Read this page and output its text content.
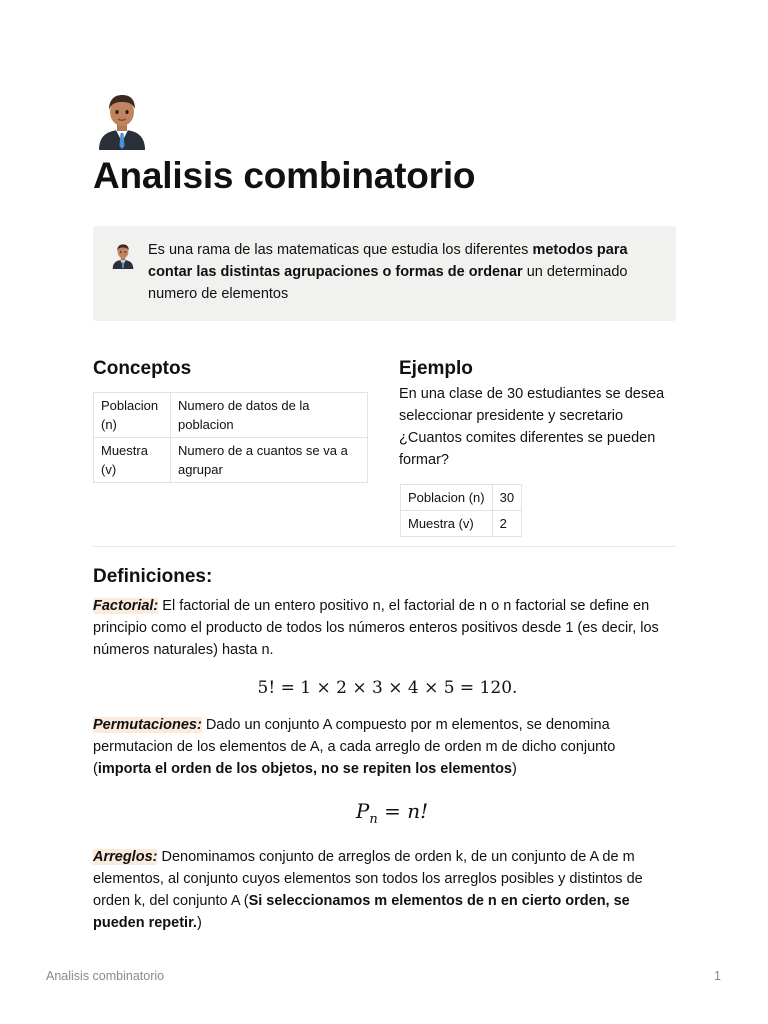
Analisis combinatorio

Es una rama de las matematicas que estudia los diferentes metodos para contar las distintas agrupaciones o formas de ordenar un determinado numero de elementos

Conceptos
Poblacion (n)	Numero de datos de la poblacion
Muestra (v)	Numero de a cuantos se va a agrupar
Ejemplo

En una clase de 30 estudiantes se desea seleccionar presidente y secretario ¿Cuantos comites diferentes se pueden formar?

Poblacion (n)	30
Muestra (v)	2
Definiciones:

Factorial: El factorial de un entero positivo n, el factorial de n o n factorial se define en principio como el producto de todos los números enteros positivos desde 1 (es decir, los números naturales) hasta n.

5! = 1 × 2 × 3 × 4 × 5 = 120.

Permutaciones: Dado un conjunto A compuesto por m elementos, se denomina permutacion de los elementos de A, a cada arreglo de orden m de dicho conjunto (importa el orden de los objetos, no se repiten los elementos)

$P_n = n$!

Arreglos: Denominamos conjunto de arreglos de orden k, de un conjunto de A de m elementos, al conjunto cuyos elementos son todos los arreglos posibles y distintos de orden k, del conjunto A (Si seleccionamos m elementos de n en cierto orden, se pueden repetir.)

Analisis combinatorio	1
